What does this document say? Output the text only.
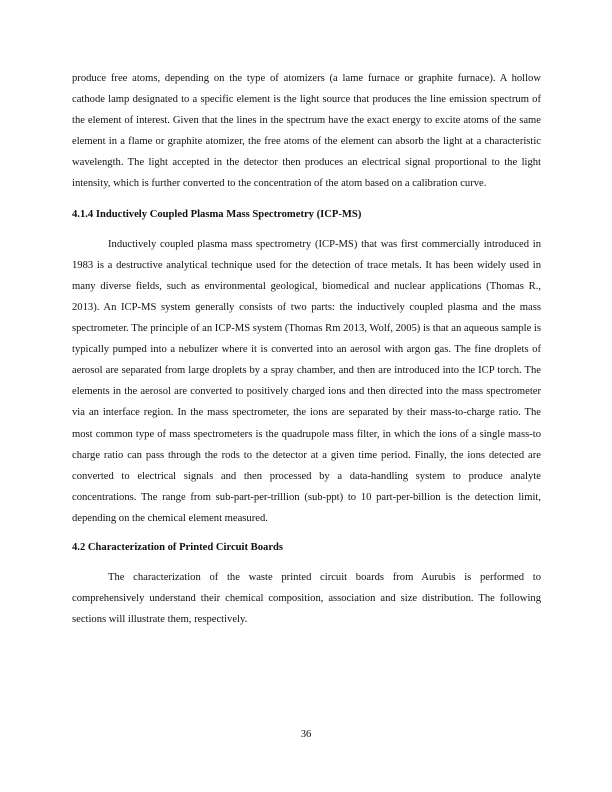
produce free atoms, depending on the type of atomizers (a lame furnace or graphite furnace). A hollow cathode lamp designated to a specific element is the light source that produces the line emission spectrum of the element of interest. Given that the lines in the spectrum have the exact energy to excite atoms of the same element in a flame or graphite atomizer, the free atoms of the element can absorb the light at a characteristic wavelength. The light accepted in the detector then produces an electrical signal proportional to the light intensity, which is further converted to the concentration of the atom based on a calibration curve.

4.1.4 Inductively Coupled Plasma Mass Spectrometry (ICP-MS)

Inductively coupled plasma mass spectrometry (ICP-MS) that was first commercially introduced in 1983 is a destructive analytical technique used for the detection of trace metals. It has been widely used in many diverse fields, such as environmental geological, biomedical and nuclear applications (Thomas R., 2013). An ICP-MS system generally consists of two parts: the inductively coupled plasma and the mass spectrometer. The principle of an ICP-MS system (Thomas Rm 2013, Wolf, 2005) is that an aqueous sample is typically pumped into a nebulizer where it is converted into an aerosol with argon gas. The fine droplets of aerosol are separated from large droplets by a spray chamber, and then are introduced into the ICP torch. The elements in the aerosol are converted to positively charged ions and then directed into the mass spectrometer via an interface region. In the mass spectrometer, the ions are separated by their mass-to-charge ratio. The most common type of mass spectrometers is the quadrupole mass filter, in which the ions of a single mass-to charge ratio can pass through the rods to the detector at a given time period. Finally, the ions detected are converted to electrical signals and then processed by a data-handling system to produce analyte concentrations. The range from sub-part-per-trillion (sub-ppt) to 10 part-per-billion is the detection limit, depending on the chemical element measured.

4.2 Characterization of Printed Circuit Boards

The characterization of the waste printed circuit boards from Aurubis is performed to comprehensively understand their chemical composition, association and size distribution. The following sections will illustrate them, respectively.

36
